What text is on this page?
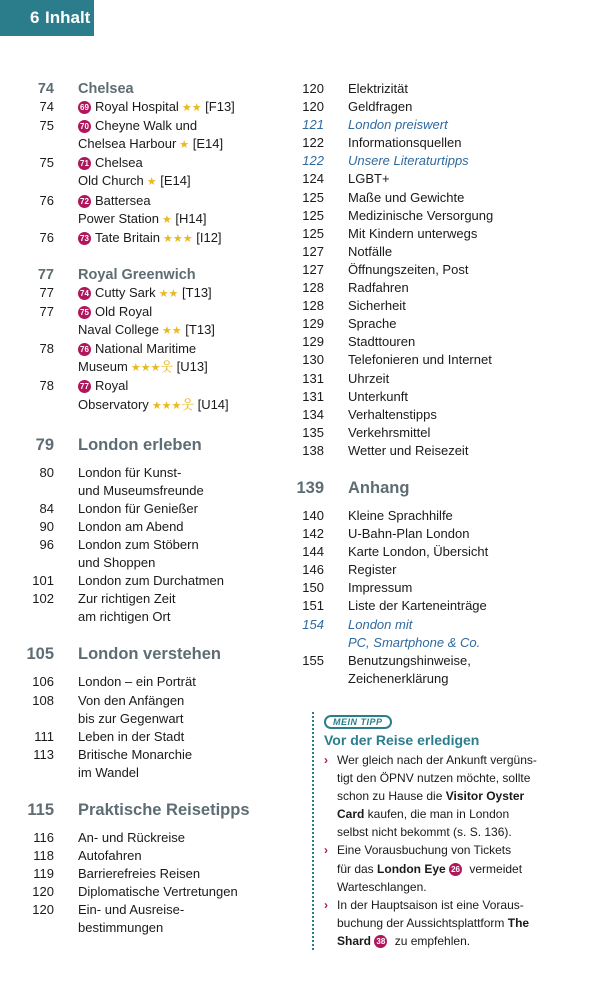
6 Inhalt
74	Chelsea
74	69 Royal Hospital ★★ [F13]
75	70 Cheyne Walk und
Chelsea Harbour ★ [E14]
75	71 Chelsea
Old Church ★ [E14]
76	72 Battersea
Power Station ★ [H14]
76	73 Tate Britain ★★★ [I12]
77	Royal Greenwich
77	74 Cutty Sark ★★ [T13]
77	75 Old Royal
Naval College ★★ [T13]
78	76 National Maritime
Museum ★★★웃 [U13]
78	77 Royal
Observatory ★★★웃 [U14]
79	London erleben
80	London für Kunst-
und Museumsfreunde
84	London für Genießer
90	London am Abend
96	London zum Stöbern
und Shoppen
101	London zum Durchatmen
102	Zur richtigen Zeit
am richtigen Ort
105	London verstehen
106	London – ein Porträt
108	Von den Anfängen
bis zur Gegenwart
111	Leben in der Stadt
113	Britische Monarchie
im Wandel
115	Praktische Reisetipps
116	An- und Rückreise
118	Autofahren
119	Barrierefreies Reisen
120	Diplomatische Vertretungen
120	Ein- und Ausreise-
bestimmungen
120	Elektrizität
120	Geldfragen
121	London preiswert
122	Informationsquellen
122	Unsere Literaturtipps
124	LGBT+
125	Maße und Gewichte
125	Medizinische Versorgung
125	Mit Kindern unterwegs
127	Notfälle
127	Öffnungszeiten, Post
128	Radfahren
128	Sicherheit
129	Sprache
129	Stadttouren
130	Telefonieren und Internet
131	Uhrzeit
131	Unterkunft
134	Verhaltenstipps
135	Verkehrsmittel
138	Wetter und Reisezeit
139	Anhang
140	Kleine Sprachhilfe
142	U-Bahn-Plan London
144	Karte London, Übersicht
146	Register
150	Impressum
151	Liste der Karteneinträge
154	London mit
PC, Smartphone & Co.
155	Benutzungshinweise,
Zeichenerklärung
MEIN TIPP
Vor der Reise erledigen
› Wer gleich nach der Ankunft vergüns-
tigt den ÖPNV nutzen möchte, sollte
schon zu Hause die Visitor Oyster
Card kaufen, die man in London
selbst nicht bekommt (s. S. 136).
› Eine Vorausbuchung von Tickets
für das London Eye 26 vermeidet
Warteschlangen.
› In der Hauptsaison ist eine Voraus-
buchung der Aussichtsplattform The
Shard 38 zu empfehlen.
